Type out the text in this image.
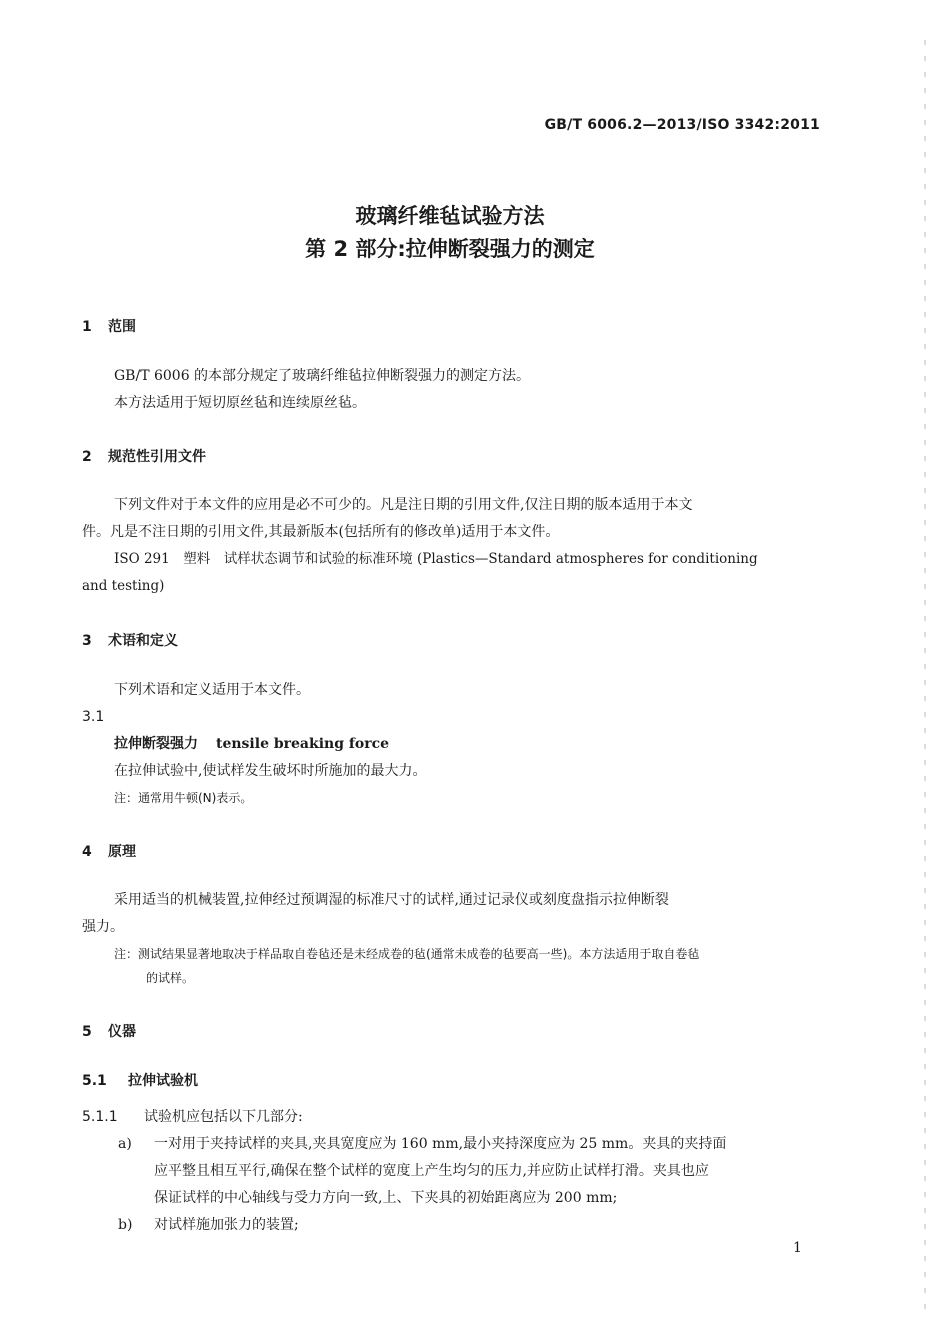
GB/T 6006.2—2013/ISO 3342:2011
玻璃纤维毡试验方法
第 2 部分:拉伸断裂强力的测定
1 范围
GB/T 6006 的本部分规定了玻璃纤维毡拉伸断裂强力的测定方法。
本方法适用于短切原丝毡和连续原丝毡。
2 规范性引用文件
下列文件对于本文件的应用是必不可少的。凡是注日期的引用文件,仅注日期的版本适用于本文
件。凡是不注日期的引用文件,其最新版本(包括所有的修改单)适用于本文件。
ISO 291　塑料　试样状态调节和试验的标准环境 (Plastics—Standard atmospheres for conditioning
and testing)
3 术语和定义
下列术语和定义适用于本文件。
3.1
拉伸断裂强力 tensile breaking force
在拉伸试验中,使试样发生破坏时所施加的最大力。
注：通常用牛顿(N)表示。
4 原理
采用适当的机械装置,拉伸经过预调湿的标准尺寸的试样,通过记录仪或刻度盘指示拉伸断裂
强力。
注：测试结果显著地取决于样品取自卷毡还是未经成卷的毡(通常未成卷的毡要高一些)。本方法适用于取自卷毡
的试样。
5 仪器
5.1 拉伸试验机
5.1.1 试验机应包括以下几部分:
a) 一对用于夹持试样的夹具,夹具宽度应为 160 mm,最小夹持深度应为 25 mm。夹具的夹持面
应平整且相互平行,确保在整个试样的宽度上产生均匀的压力,并应防止试样打滑。夹具也应
保证试样的中心轴线与受力方向一致,上、下夹具的初始距离应为 200 mm;
b) 对试样施加张力的装置;
1
